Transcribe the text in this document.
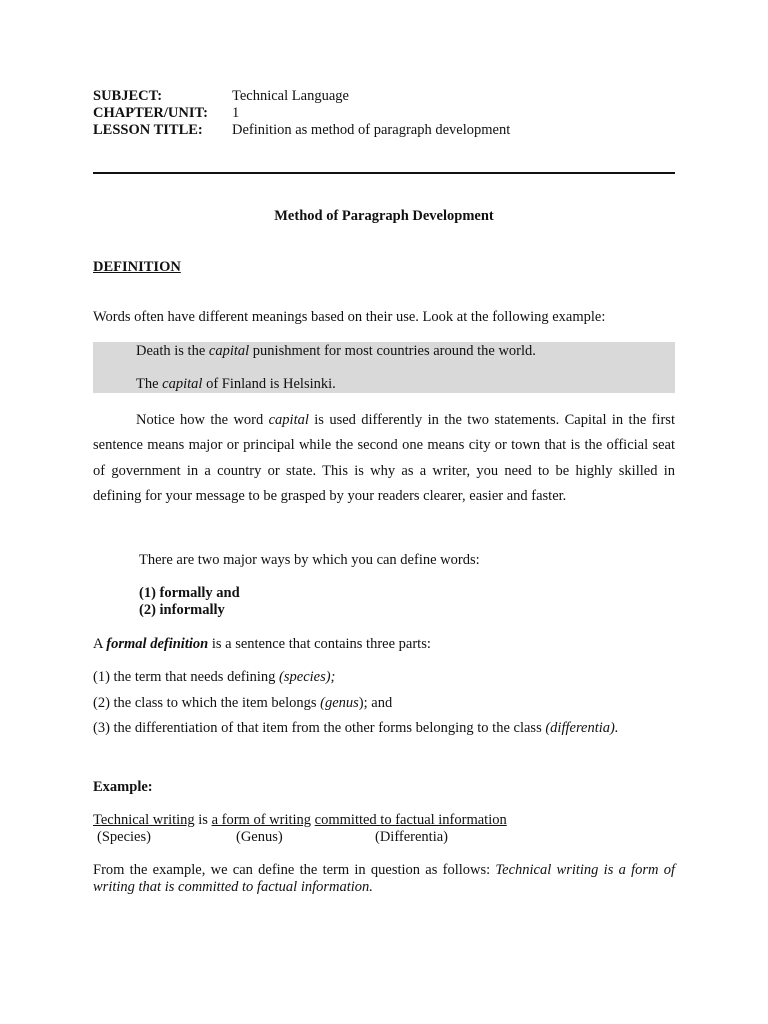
SUBJECT:	Technical Language
CHAPTER/UNIT: 1
LESSON TITLE: Definition as method of paragraph development
Method of Paragraph Development
DEFINITION
Words often have different meanings based on their use. Look at the following example:
Death is the capital punishment for most countries around the world.
The capital of Finland is Helsinki.
Notice how the word capital is used differently in the two statements. Capital in the first sentence means major or principal while the second one means city or town that is the official seat of government in a country or state. This is why as a writer, you need to be highly skilled in defining for your message to be grasped by your readers clearer, easier and faster.
There are two major ways by which you can define words:
(1) formally and
(2) informally
A formal definition is a sentence that contains three parts:
(1) the term that needs defining (species);
(2) the class to which the item belongs (genus); and
(3) the differentiation of that item from the other forms belonging to the class (differentia).
Example:
Technical writing is a form of writing committed to factual information
(Species)	(Genus)	(Differentia)
From the example, we can define the term in question as follows: Technical writing is a form of writing that is committed to factual information.
